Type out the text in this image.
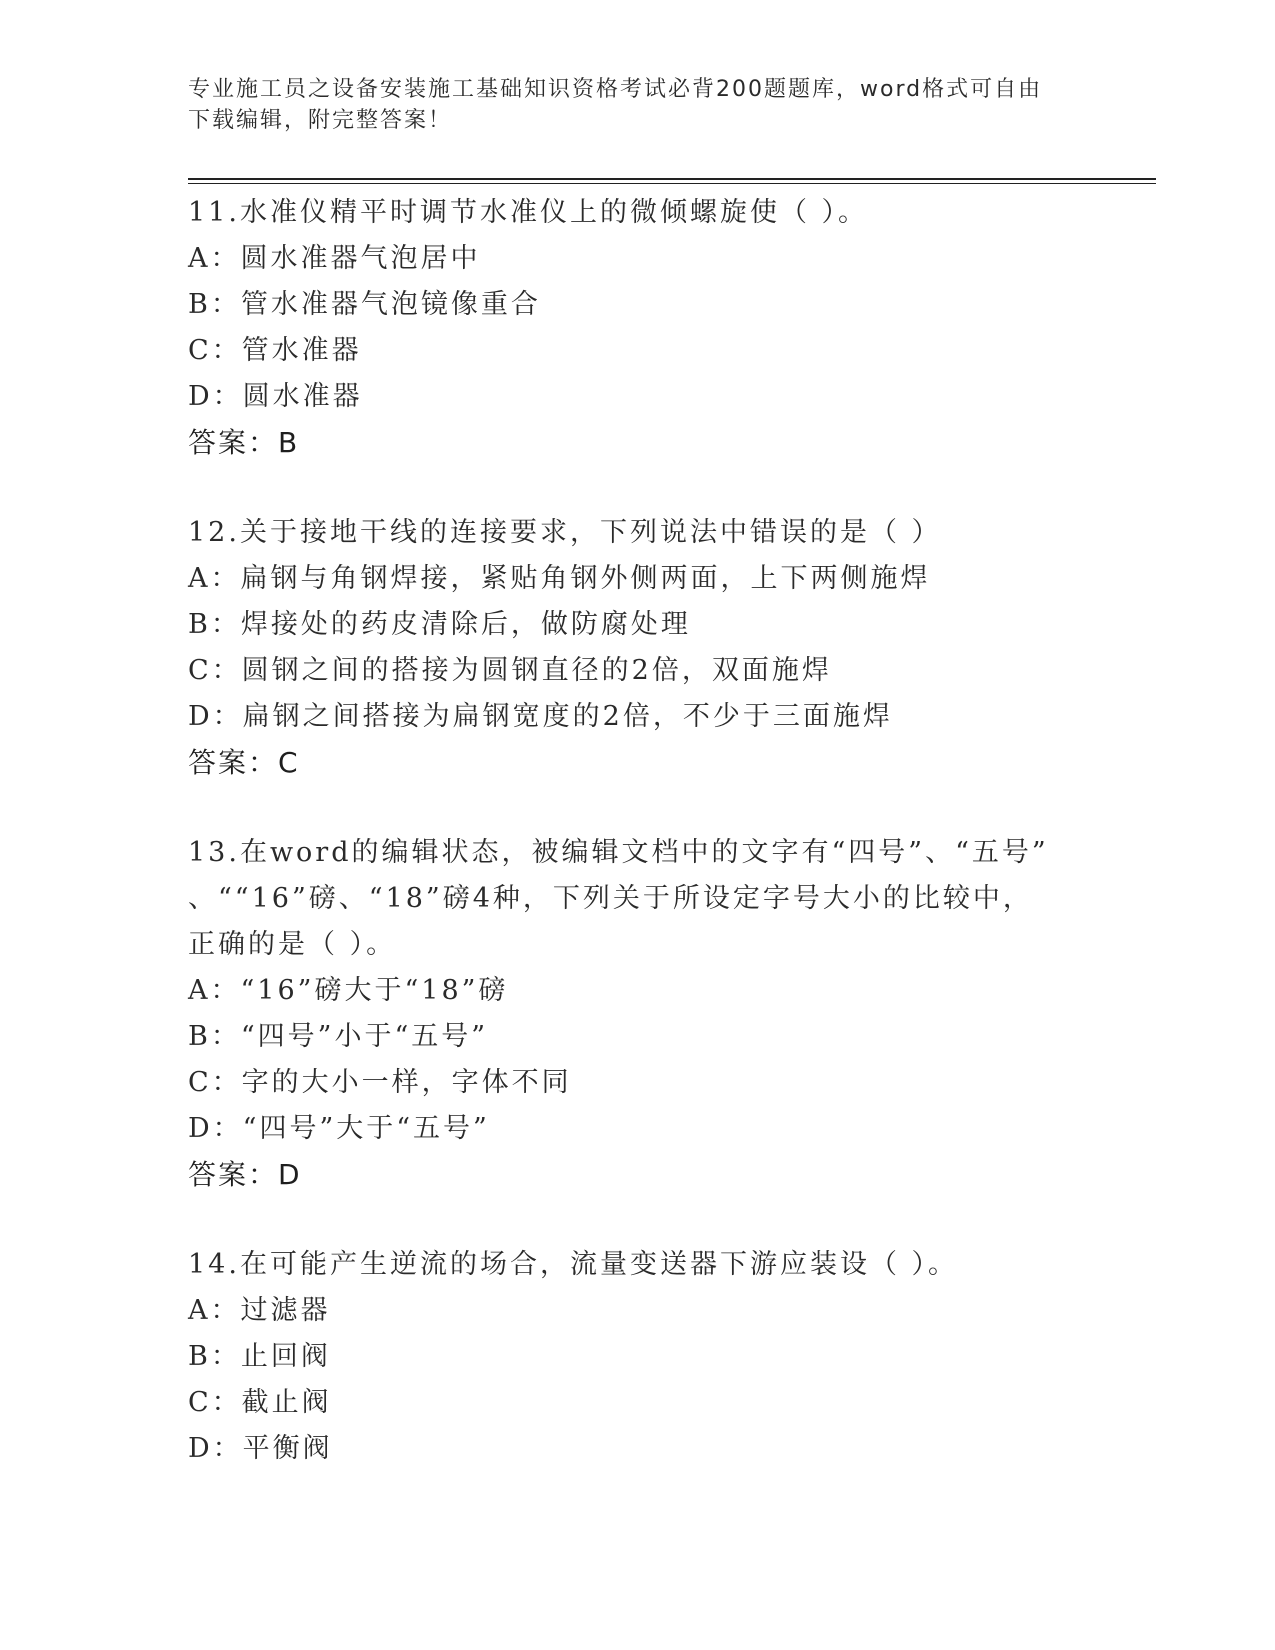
专业施工员之设备安装施工基础知识资格考试必背200题题库，word格式可自由
下载编辑，附完整答案！
11.水准仪精平时调节水准仪上的微倾螺旋使（ ）。
A：圆水准器气泡居中
B：管水准器气泡镜像重合
C：管水准器
D：圆水准器
答案：B
12.关于接地干线的连接要求，下列说法中错误的是（ ）
A：扁钢与角钢焊接，紧贴角钢外侧两面，上下两侧施焊
B：焊接处的药皮清除后，做防腐处理
C：圆钢之间的搭接为圆钢直径的2倍，双面施焊
D：扁钢之间搭接为扁钢宽度的2倍，不少于三面施焊
答案：C
13.在word的编辑状态，被编辑文档中的文字有“四号”、“五号”
、““16”磅、“18”磅4种，下列关于所设定字号大小的比较中，
正确的是（ ）。
A：“16”磅大于“18”磅
B：“四号”小于“五号”
C：字的大小一样，字体不同
D：“四号”大于“五号”
答案：D
14.在可能产生逆流的场合，流量变送器下游应装设（ ）。
A：过滤器
B：止回阀
C：截止阀
D：平衡阀
